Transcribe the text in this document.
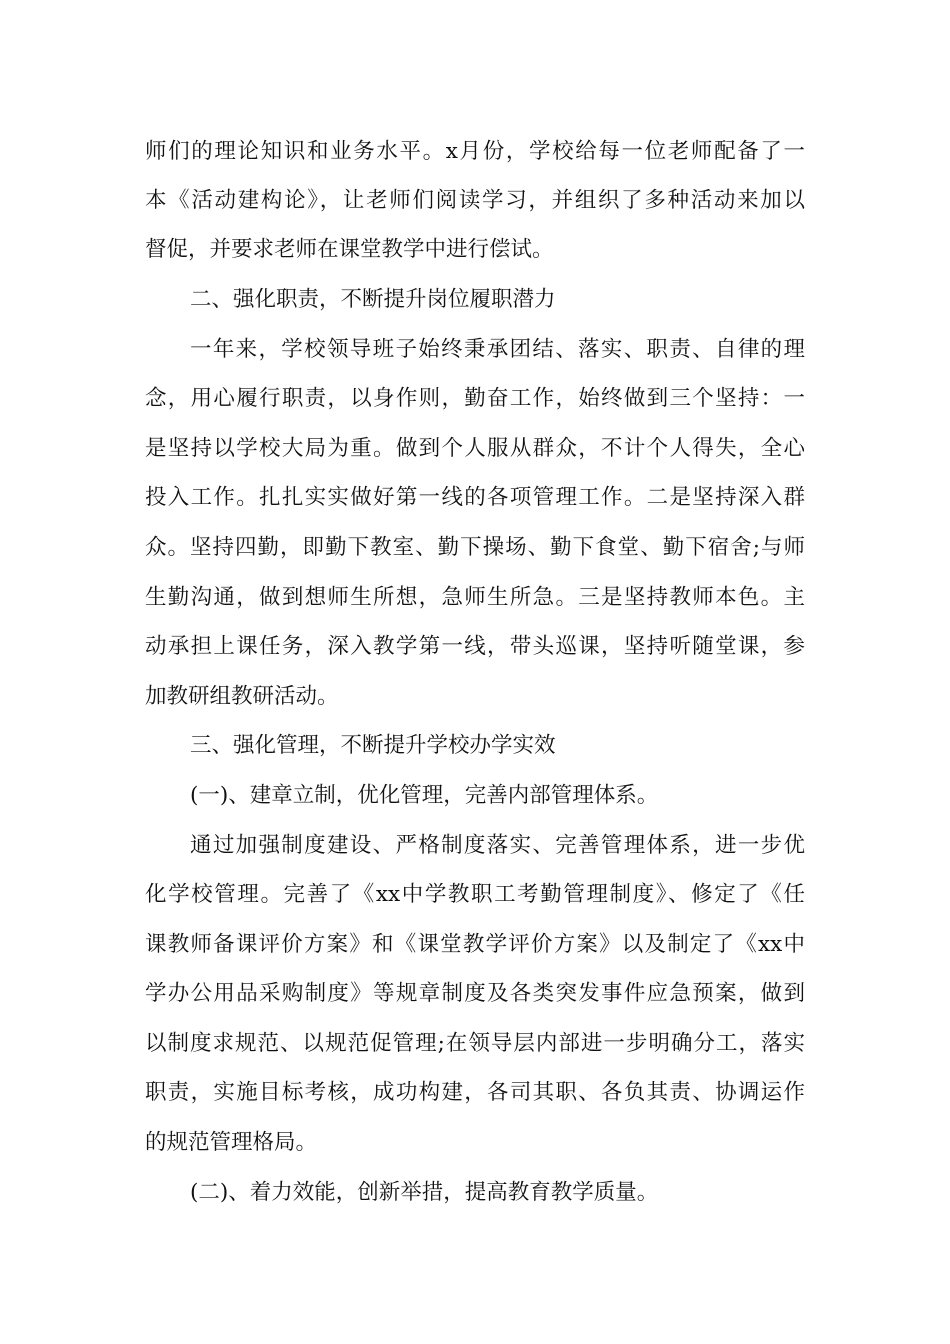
师们的理论知识和业务水平。x月份，学校给每一位老师配备了一
本《活动建构论》，让老师们阅读学习，并组织了多种活动来加以
督促，并要求老师在课堂教学中进行偿试。
二、强化职责，不断提升岗位履职潜力
一年来，学校领导班子始终秉承团结、落实、职责、自律的理
念，用心履行职责，以身作则，勤奋工作，始终做到三个坚持：一
是坚持以学校大局为重。做到个人服从群众，不计个人得失，全心
投入工作。扎扎实实做好第一线的各项管理工作。二是坚持深入群
众。坚持四勤，即勤下教室、勤下操场、勤下食堂、勤下宿舍;与师
生勤沟通，做到想师生所想，急师生所急。三是坚持教师本色。主
动承担上课任务，深入教学第一线，带头巡课，坚持听随堂课，参
加教研组教研活动。
三、强化管理，不断提升学校办学实效
(一)、建章立制，优化管理，完善内部管理体系。
通过加强制度建设、严格制度落实、完善管理体系，进一步优
化学校管理。完善了《xx中学教职工考勤管理制度》、修定了《任
课教师备课评价方案》和《课堂教学评价方案》以及制定了《xx中
学办公用品采购制度》等规章制度及各类突发事件应急预案，做到
以制度求规范、以规范促管理;在领导层内部进一步明确分工，落实
职责，实施目标考核，成功构建，各司其职、各负其责、协调运作
的规范管理格局。
(二)、着力效能，创新举措，提高教育教学质量。
